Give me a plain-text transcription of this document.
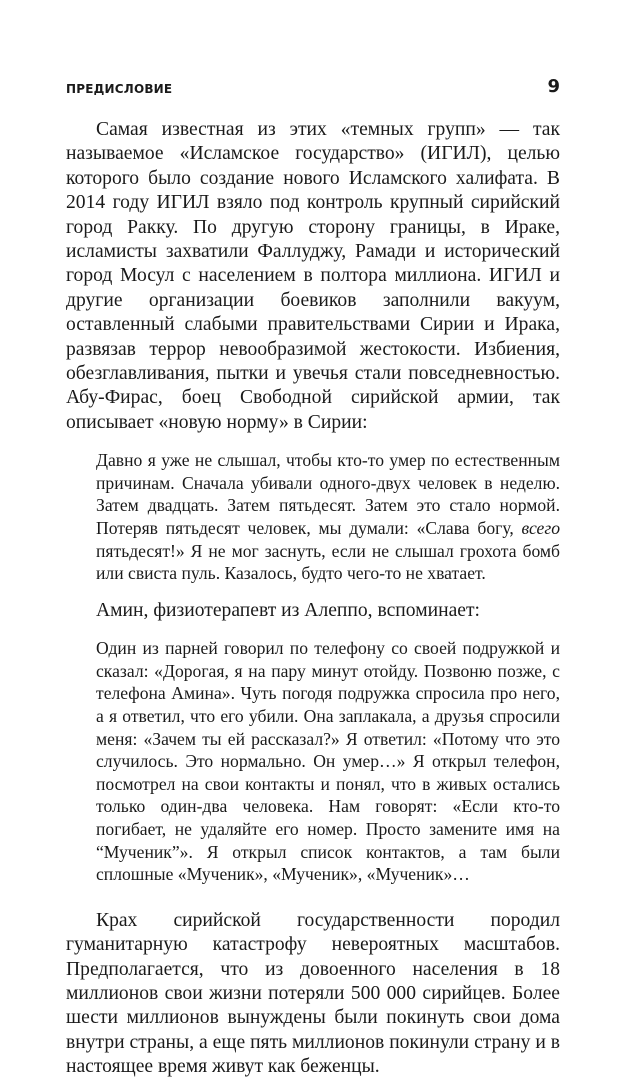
ПРЕДИСЛОВИЕ	9

Самая известная из этих «темных групп» — так называемое «Исламское государство» (ИГИЛ), целью которого было создание нового Исламского халифата. В 2014 году ИГИЛ взяло под контроль крупный сирийский город Ракку. По другую сторону границы, в Ираке, исламисты захватили Фаллуджу, Рамади и исторический город Мосул с населением в полтора миллиона. ИГИЛ и другие организации боевиков заполнили вакуум, оставленный слабыми правительствами Сирии и Ирака, развязав террор невообразимой жестокости. Избиения, обезглавливания, пытки и увечья стали повседневностью. Абу-Фирас, боец Свободной сирийской армии, так описывает «новую норму» в Сирии:

Давно я уже не слышал, чтобы кто-то умер по естественным причинам. Сначала убивали одного-двух человек в неделю. Затем двадцать. Затем пятьдесят. Затем это стало нормой. Потеряв пятьдесят человек, мы думали: «Слава богу, всего пятьдесят!» Я не мог заснуть, если не слышал грохота бомб или свиста пуль. Казалось, будто чего-то не хватает.

Амин, физиотерапевт из Алеппо, вспоминает:

Один из парней говорил по телефону со своей подружкой и сказал: «Дорогая, я на пару минут отойду. Позвоню позже, с телефона Амина». Чуть погодя подружка спросила про него, а я ответил, что его убили. Она заплакала, а друзья спросили меня: «Зачем ты ей рассказал?» Я ответил: «Потому что это случилось. Это нормально. Он умер…» Я открыл телефон, посмотрел на свои контакты и понял, что в живых остались только один-два человека. Нам говорят: «Если кто-то погибает, не удаляйте его номер. Просто замените имя на “Мученик”». Я открыл список контактов, а там были сплошные «Мученик», «Мученик», «Мученик»…

Крах сирийской государственности породил гуманитарную катастрофу невероятных масштабов. Предполагается, что из довоенного населения в 18 миллионов свои жизни потеряли 500 000 сирийцев. Более шести миллионов вынуждены были покинуть свои дома внутри страны, а еще пять миллионов покинули страну и в настоящее время живут как беженцы.
